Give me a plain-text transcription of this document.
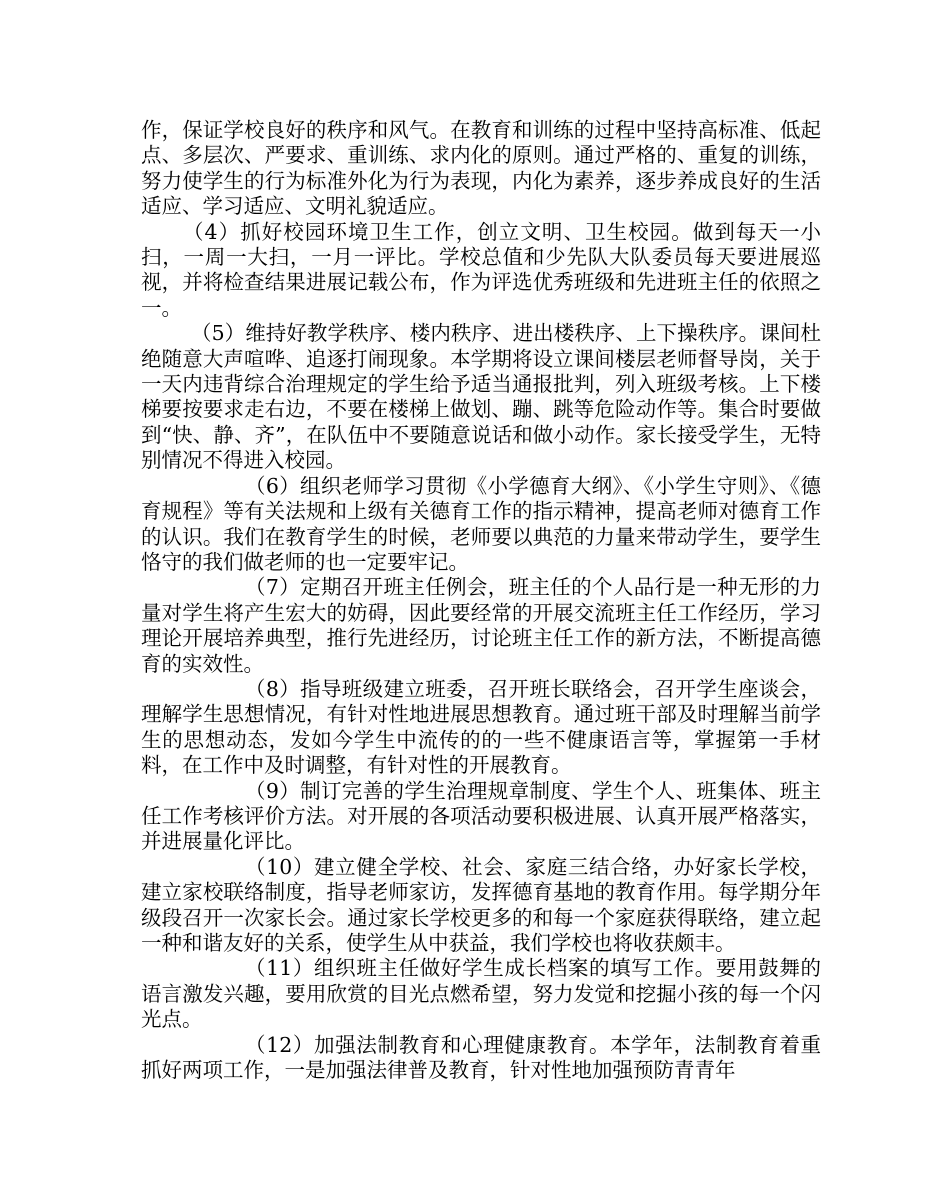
作，保证学校良好的秩序和风气。在教育和训练的过程中坚持高标准、低起点、多层次、严要求、重训练、求内化的原则。通过严格的、重复的训练，努力使学生的行为标准外化为行为表现，内化为素养，逐步养成良好的生活适应、学习适应、文明礼貌适应。

（4）抓好校园环境卫生工作，创立文明、卫生校园。做到每天一小扫，一周一大扫，一月一评比。学校总值和少先队大队委员每天要进展巡视，并将检查结果进展记载公布，作为评选优秀班级和先进班主任的依照之一。

（5）维持好教学秩序、楼内秩序、进出楼秩序、上下操秩序。课间杜绝随意大声喧哗、追逐打闹现象。本学期将设立课间楼层老师督导岗，关于一天内违背综合治理规定的学生给予适当通报批判，列入班级考核。上下楼梯要按要求走右边，不要在楼梯上做划、蹦、跳等危险动作等。集合时要做到“快、静、齐”，在队伍中不要随意说话和做小动作。家长接受学生，无特别情况不得进入校园。

（6）组织老师学习贯彻《小学德育大纲》、《小学生守则》、《德育规程》等有关法规和上级有关德育工作的指示精神，提高老师对德育工作的认识。我们在教育学生的时候，老师要以典范的力量来带动学生，要学生恪守的我们做老师的也一定要牢记。

（7）定期召开班主任例会，班主任的个人品行是一种无形的力量对学生将产生宏大的妨碍，因此要经常的开展交流班主任工作经历，学习理论开展培养典型，推行先进经历，讨论班主任工作的新方法，不断提高德育的实效性。

（8）指导班级建立班委，召开班长联络会，召开学生座谈会，理解学生思想情况，有针对性地进展思想教育。通过班干部及时理解当前学生的思想动态，发如今学生中流传的的一些不健康语言等，掌握第一手材料，在工作中及时调整，有针对性的开展教育。

（9）制订完善的学生治理规章制度、学生个人、班集体、班主任工作考核评价方法。对开展的各项活动要积极进展、认真开展严格落实，并进展量化评比。

（10）建立健全学校、社会、家庭三结合络，办好家长学校，建立家校联络制度，指导老师家访，发挥德育基地的教育作用。每学期分年级段召开一次家长会。通过家长学校更多的和每一个家庭获得联络，建立起一种和谐友好的关系，使学生从中获益，我们学校也将收获颇丰。

（11）组织班主任做好学生成长档案的填写工作。要用鼓舞的语言激发兴趣，要用欣赏的目光点燃希望，努力发觉和挖掘小孩的每一个闪光点。

（12）加强法制教育和心理健康教育。本学年，法制教育着重抓好两项工作，一是加强法律普及教育，针对性地加强预防青青年
